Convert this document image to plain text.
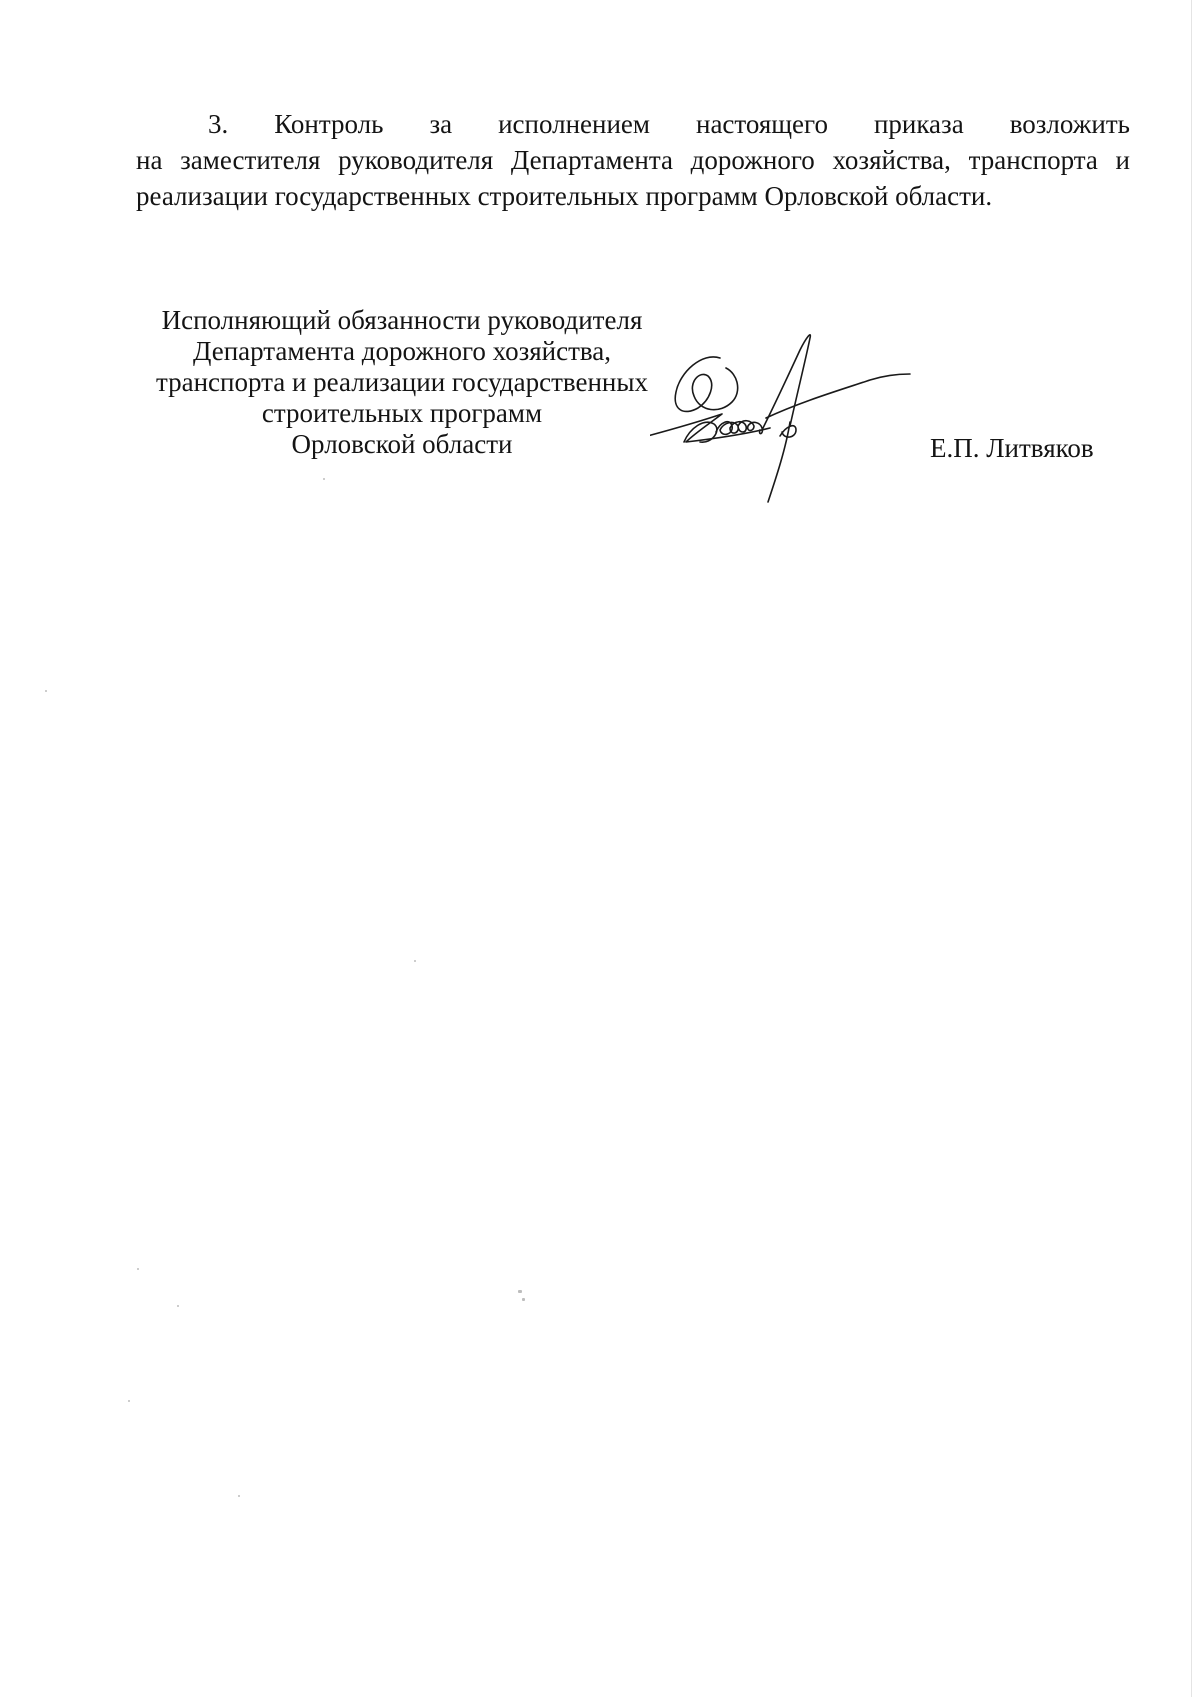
3. Контроль за исполнением настоящего приказа возложить
на заместителя руководителя Департамента дорожного хозяйства, транспорта и
реализации государственных строительных программ Орловской области.
Исполняющий обязанности руководителя
Департамента дорожного хозяйства,
транспорта и реализации государственных
строительных программ
Орловской области	Е.П. Литвяков
